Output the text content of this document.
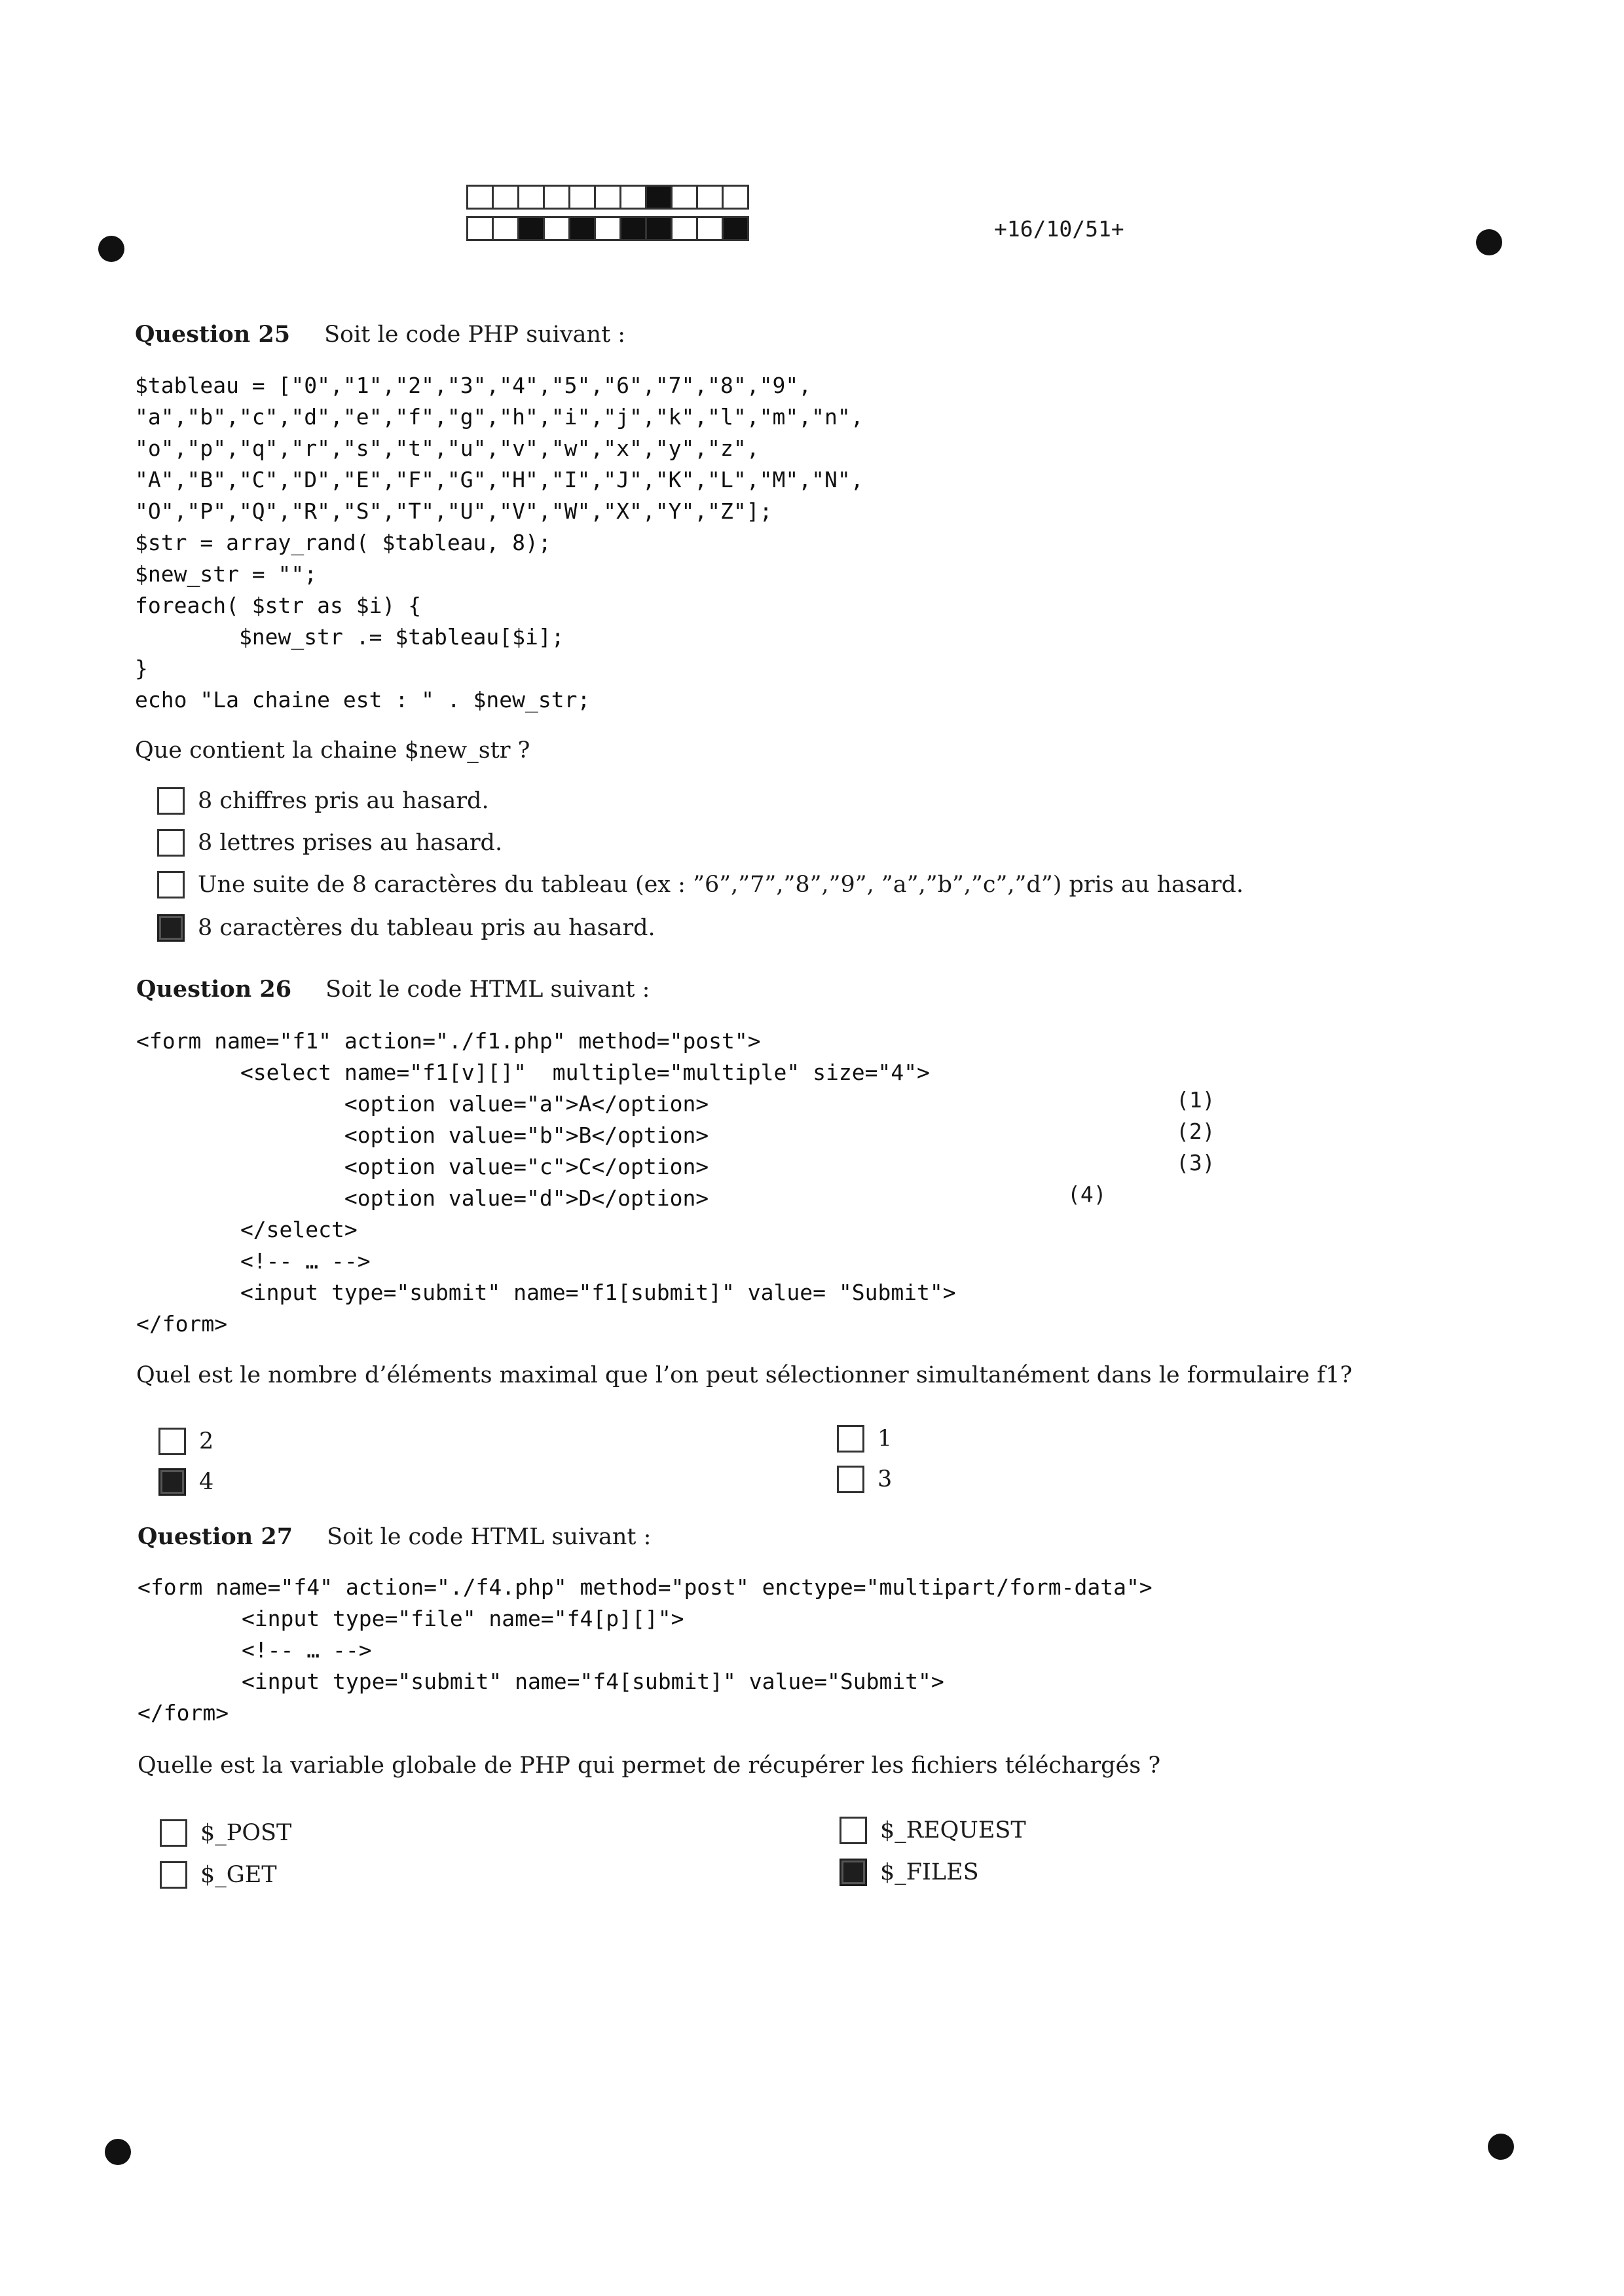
+16/10/51+
Question 25 Soit le code PHP suivant :
$tableau = ["0","1","2","3","4","5","6","7","8","9",
"a","b","c","d","e","f","g","h","i","j","k","l","m","n",
"o","p","q","r","s","t","u","v","w","x","y","z",
"A","B","C","D","E","F","G","H","I","J","K","L","M","N",
"O","P","Q","R","S","T","U","V","W","X","Y","Z"];
$str = array_rand( $tableau, 8);
$new_str = "";
foreach( $str as $i) {
$new_str .= $tableau[$i];
}
echo "La chaine est : " . $new_str;
Que contient la chaine $new_str ?
8 chiffres pris au hasard.
8 lettres prises au hasard.
Une suite de 8 caractères du tableau (ex : ”6”,”7”,”8”,”9”, ”a”,”b”,”c”,”d”) pris au hasard.
8 caractères du tableau pris au hasard.
Question 26 Soit le code HTML suivant :
<form name="f1" action="./f1.php" method="post">
<select name="f1[v][]"  multiple="multiple" size="4">
<option value="a">A</option>
<option value="b">B</option>
<option value="c">C</option>
<option value="d">D</option>
</select>
<!-- … -->
<input type="submit" name="f1[submit]" value= "Submit">
</form>
(1)
(2)
(3)
(4)
Quel est le nombre d’éléments maximal que l’on peut sélectionner simultanément dans le formulaire f1?
2	1
4	3
Question 27 Soit le code HTML suivant :
<form name="f4" action="./f4.php" method="post" enctype="multipart/form-data">
<input type="file" name="f4[p][]">
<!-- … -->
<input type="submit" name="f4[submit]" value="Submit">
</form>
Quelle est la variable globale de PHP qui permet de récupérer les fichiers téléchargés ?
$_POST	$_REQUEST
$_GET	$_FILES
